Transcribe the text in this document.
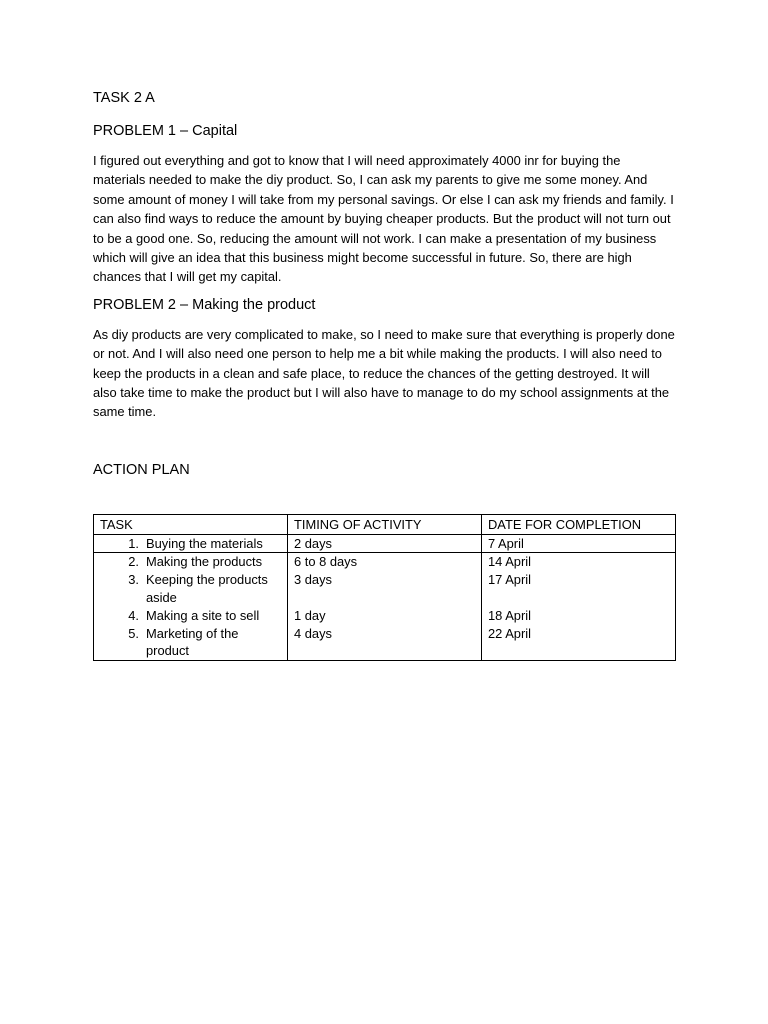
TASK 2 A

PROBLEM 1 – Capital

I figured out everything and got to know that I will need approximately 4000 inr for buying the materials needed to make the diy product. So, I can ask my parents to give me some money. And some amount of money I will take from my personal savings. Or else I can ask my friends and family. I can also find ways to reduce the amount by buying cheaper products. But the product will not turn out to be a good one. So, reducing the amount will not work. I can make a presentation of my business which will give an idea that this business might become successful in future. So, there are high chances that I will get my capital.

PROBLEM 2 – Making the product

As diy products are very complicated to make, so I need to make sure that everything is properly done or not. And I will also need one person to help me a bit while making the products. I will also need to keep the products in a clean and safe place, to reduce the chances of the getting destroyed. It will also take time to make the product but I will also have to manage to do my school assignments at the same time.

ACTION PLAN

TASK	TIMING OF ACTIVITY	DATE FOR COMPLETION

1. Buying the materials	2 days	7 April

2. Making the products	6 to 8 days	14 April

3. Keeping the products aside	3 days	17 April

4. Making a site to sell	1 day	18 April

5. Marketing of the product	4 days	22 April
